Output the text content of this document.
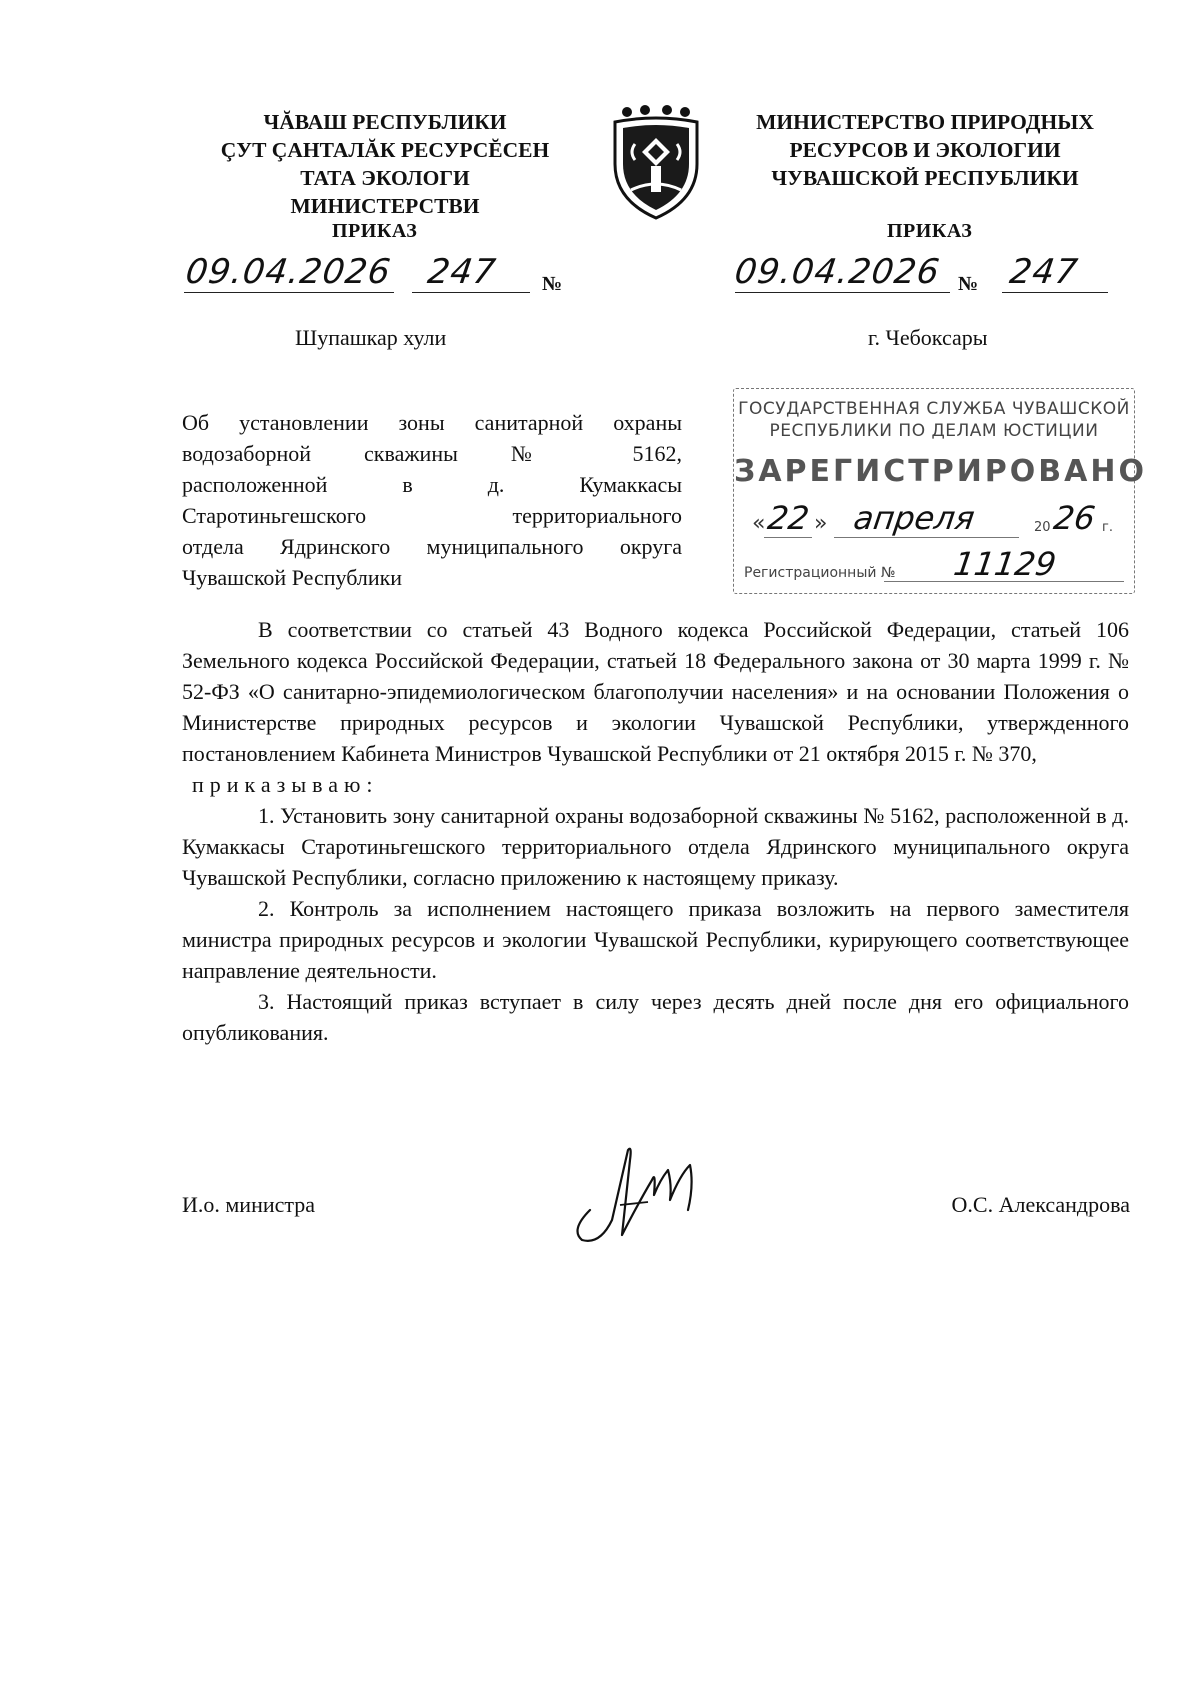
ЧĂВАШ РЕСПУБЛИКИ
ÇУТ ÇАНТАЛĂК РЕСУРСĔСЕН
ТАТА ЭКОЛОГИ МИНИСТЕРСТВИ
МИНИСТЕРСТВО ПРИРОДНЫХ
РЕСУРСОВ И ЭКОЛОГИИ
ЧУВАШСКОЙ РЕСПУБЛИКИ
ПРИКАЗ	ПРИКАЗ
09.04.2026 247 №	09.04.2026 № 247
Шупашкар хули	г. Чебоксары
Об установлении зоны санитарной охраны
водозаборной скважины № 5162,
расположенной в д. Кумаккасы
Старотиньгешского территориального
отдела Ядринского муниципального округа
Чувашской Республики
ГОСУДАРСТВЕННАЯ СЛУЖБА ЧУВАШСКОЙ
РЕСПУБЛИКИ ПО ДЕЛАМ ЮСТИЦИИ
ЗАРЕГИСТРИРОВАНО
« 22 » апреля	20 26 г.
Регистрационный № 11129

В соответствии со статьей 43 Водного кодекса Российской Федерации, статьей 106 Земельного кодекса Российской Федерации, статьей 18 Федерального закона от 30 марта 1999 г. № 52-ФЗ «О санитарно-эпидемиологическом благополучии населения» и на основании Положения о Министерстве природных ресурсов и экологии Чувашской Республики, утвержденного постановлением Кабинета Министров Чувашской Республики от 21 октября 2015 г. № 370,

приказываю:

1. Установить зону санитарной охраны водозаборной скважины № 5162, расположенной в д. Кумаккасы Старотиньгешского территориального отдела Ядринского муниципального округа Чувашской Республики, согласно приложению к настоящему приказу.

2. Контроль за исполнением настоящего приказа возложить на первого заместителя министра природных ресурсов и экологии Чувашской Республики, курирующего соответствующее направление деятельности.

3. Настоящий приказ вступает в силу через десять дней после дня его официального опубликования.

И.о. министра	О.С. Александрова
